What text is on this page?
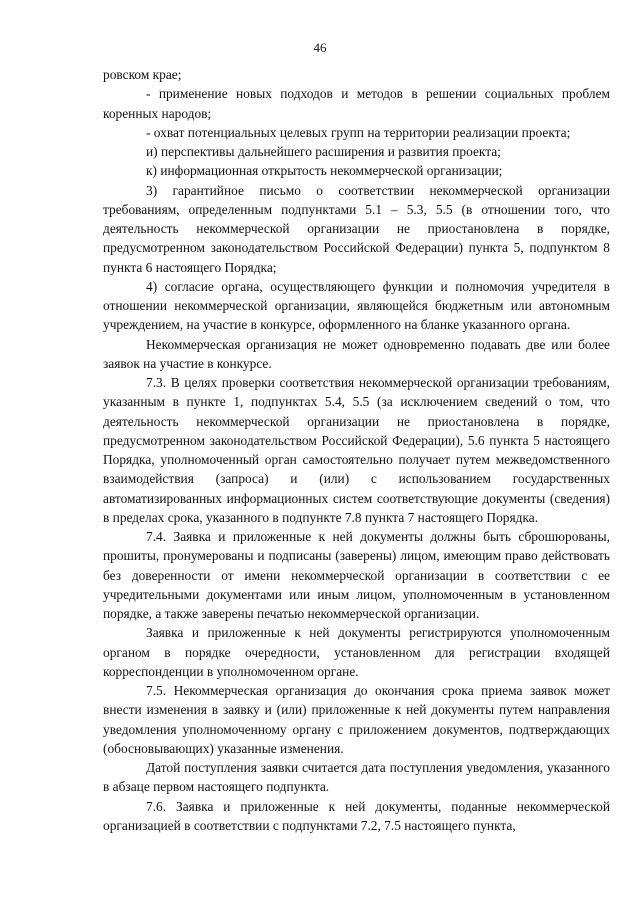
46

ровском крае;

- применение новых подходов и методов в решении социальных проблем коренных народов;

- охват потенциальных целевых групп на территории реализации проекта;

и) перспективы дальнейшего расширения и развития проекта;

к) информационная открытость некоммерческой организации;

3) гарантийное письмо о соответствии некоммерческой организации требованиям, определенным подпунктами 5.1 – 5.3, 5.5 (в отношении того, что деятельность некоммерческой организации не приостановлена в порядке, предусмотренном законодательством Российской Федерации) пункта 5, подпунктом 8 пункта 6 настоящего Порядка;

4) согласие органа, осуществляющего функции и полномочия учредителя в отношении некоммерческой организации, являющейся бюджетным или автономным учреждением, на участие в конкурсе, оформленного на бланке указанного органа.

Некоммерческая организация не может одновременно подавать две или более заявок на участие в конкурсе.

7.3. В целях проверки соответствия некоммерческой организации требованиям, указанным в пункте 1, подпунктах 5.4, 5.5 (за исключением сведений о том, что деятельность некоммерческой организации не приостановлена в порядке, предусмотренном законодательством Российской Федерации), 5.6 пункта 5 настоящего Порядка, уполномоченный орган самостоятельно получает путем межведомственного взаимодействия (запроса) и (или) с использованием государственных автоматизированных информационных систем соответствующие документы (сведения) в пределах срока, указанного в подпункте 7.8 пункта 7 настоящего Порядка.

7.4. Заявка и приложенные к ней документы должны быть сброшюрованы, прошиты, пронумерованы и подписаны (заверены) лицом, имеющим право действовать без доверенности от имени некоммерческой организации в соответствии с ее учредительными документами или иным лицом, уполномоченным в установленном порядке, а также заверены печатью некоммерческой организации.

Заявка и приложенные к ней документы регистрируются уполномоченным органом в порядке очередности, установленном для регистрации входящей корреспонденции в уполномоченном органе.

7.5. Некоммерческая организация до окончания срока приема заявок может внести изменения в заявку и (или) приложенные к ней документы путем направления уведомления уполномоченному органу с приложением документов, подтверждающих (обосновывающих) указанные изменения.

Датой поступления заявки считается дата поступления уведомления, указанного в абзаце первом настоящего подпункта.

7.6. Заявка и приложенные к ней документы, поданные некоммерческой организацией в соответствии с подпунктами 7.2, 7.5 настоящего пункта,
